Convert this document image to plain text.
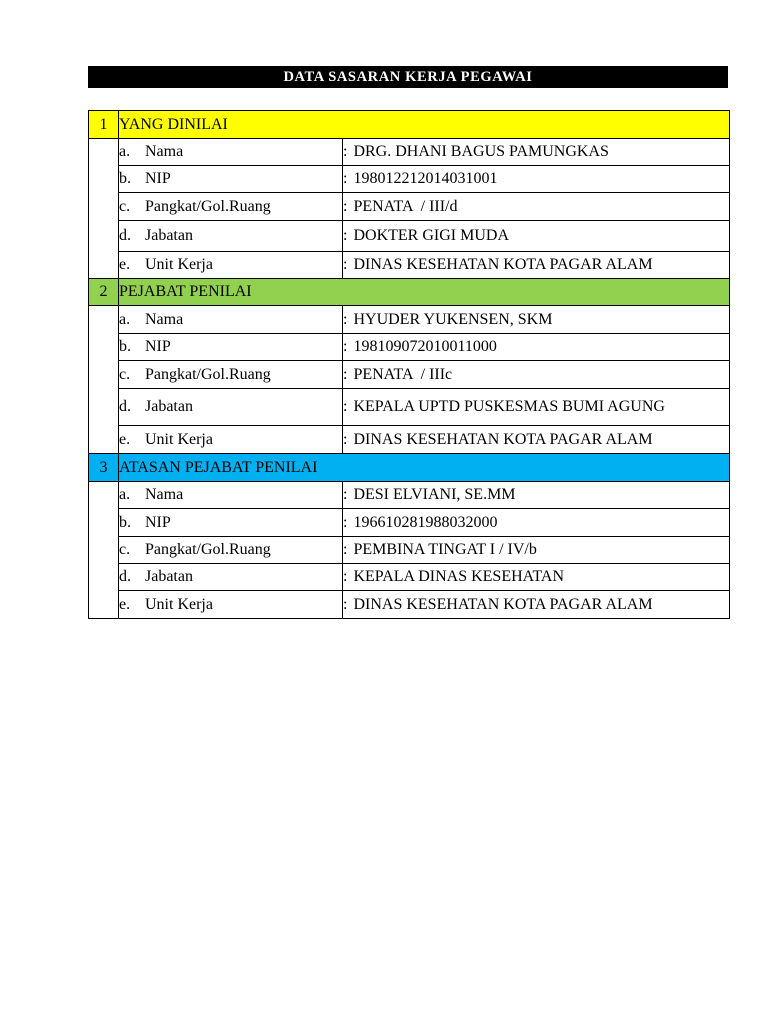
DATA SASARAN KERJA PEGAWAI
1	YANG DINILAI	
	a. Nama	: DRG. DHANI BAGUS PAMUNGKAS
	b. NIP	: 198012212014031001
	c. Pangkat/Gol.Ruang	: PENATA  / III/d
	d. Jabatan	: DOKTER GIGI MUDA
	e. Unit Kerja	: DINAS KESEHATAN KOTA PAGAR ALAM
2	PEJABAT PENILAI	
	a. Nama	: HYUDER YUKENSEN, SKM
	b. NIP	: 198109072010011000
	c. Pangkat/Gol.Ruang	: PENATA  / IIIc
	d. Jabatan	: KEPALA UPTD PUSKESMAS BUMI AGUNG
	e. Unit Kerja	: DINAS KESEHATAN KOTA PAGAR ALAM
3	ATASAN PEJABAT PENILAI	
	a. Nama	: DESI ELVIANI, SE.MM
	b. NIP	: 196610281988032000
	c. Pangkat/Gol.Ruang	: PEMBINA TINGAT I / IV/b
	d. Jabatan	: KEPALA DINAS KESEHATAN
	e. Unit Kerja	: DINAS KESEHATAN KOTA PAGAR ALAM
